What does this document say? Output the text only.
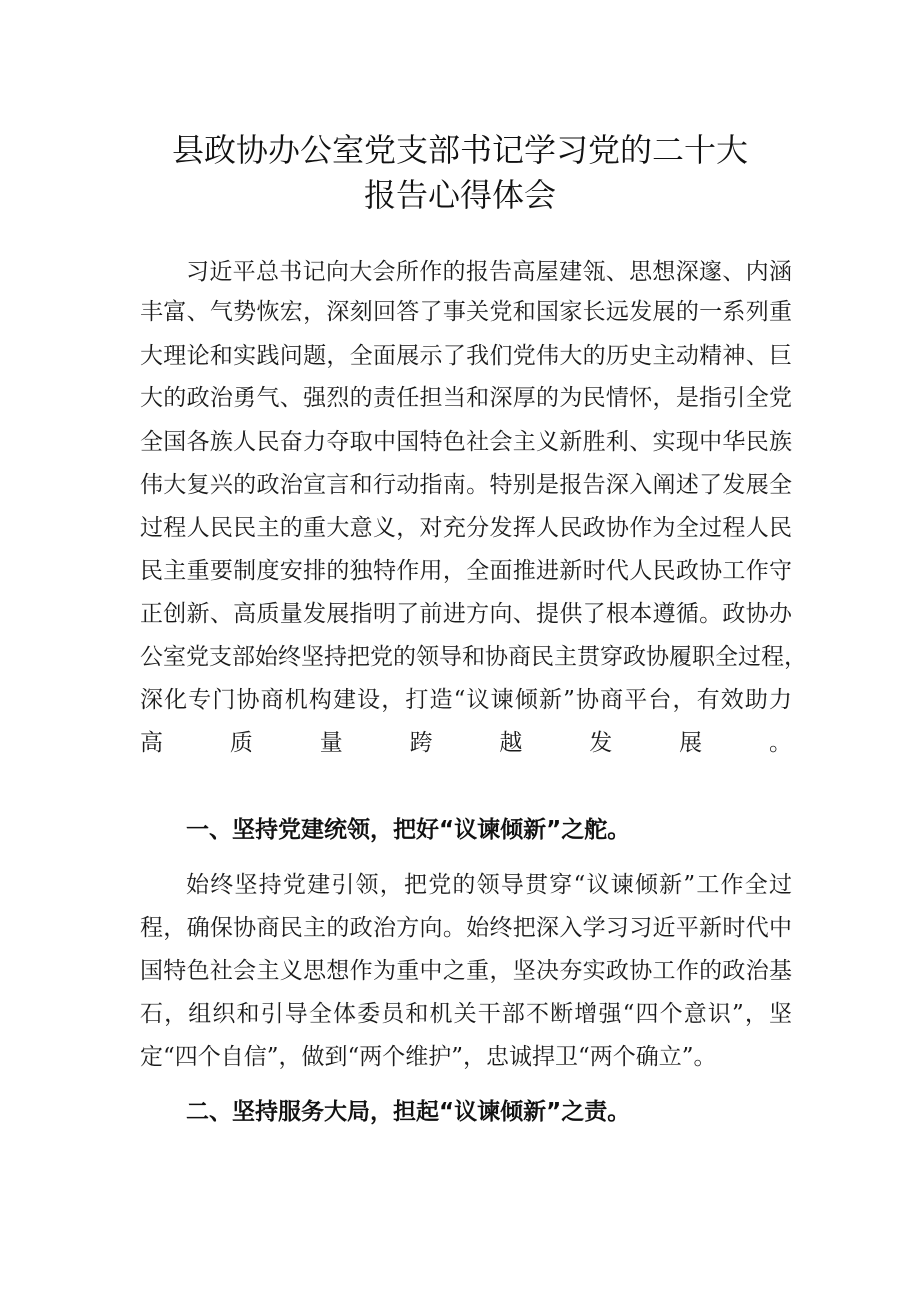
县政协办公室党支部书记学习党的二十大
报告心得体会

习近平总书记向大会所作的报告高屋建瓴、思想深邃、内涵

丰富、气势恢宏，深刻回答了事关党和国家长远发展的一系列重

大理论和实践问题，全面展示了我们党伟大的历史主动精神、巨

大的政治勇气、强烈的责任担当和深厚的为民情怀，是指引全党

全国各族人民奋力夺取中国特色社会主义新胜利、实现中华民族

伟大复兴的政治宣言和行动指南。特别是报告深入阐述了发展全

过程人民民主的重大意义，对充分发挥人民政协作为全过程人民

民主重要制度安排的独特作用，全面推进新时代人民政协工作守

正创新、高质量发展指明了前进方向、提供了根本遵循。政协办

公室党支部始终坚持把党的领导和协商民主贯穿政协履职全过程，

深化专门协商机构建设，打造“议谏倾新”协商平台，有效助力

高质量跨越发展。

一、坚持党建统领，把好“议谏倾新”之舵。

始终坚持党建引领，把党的领导贯穿“议谏倾新”工作全过

程，确保协商民主的政治方向。始终把深入学习习近平新时代中

国特色社会主义思想作为重中之重，坚决夯实政协工作的政治基

石，组织和引导全体委员和机关干部不断增强“四个意识”，坚

定“四个自信”，做到“两个维护”，忠诚捍卫“两个确立”。

二、坚持服务大局，担起“议谏倾新”之责。
